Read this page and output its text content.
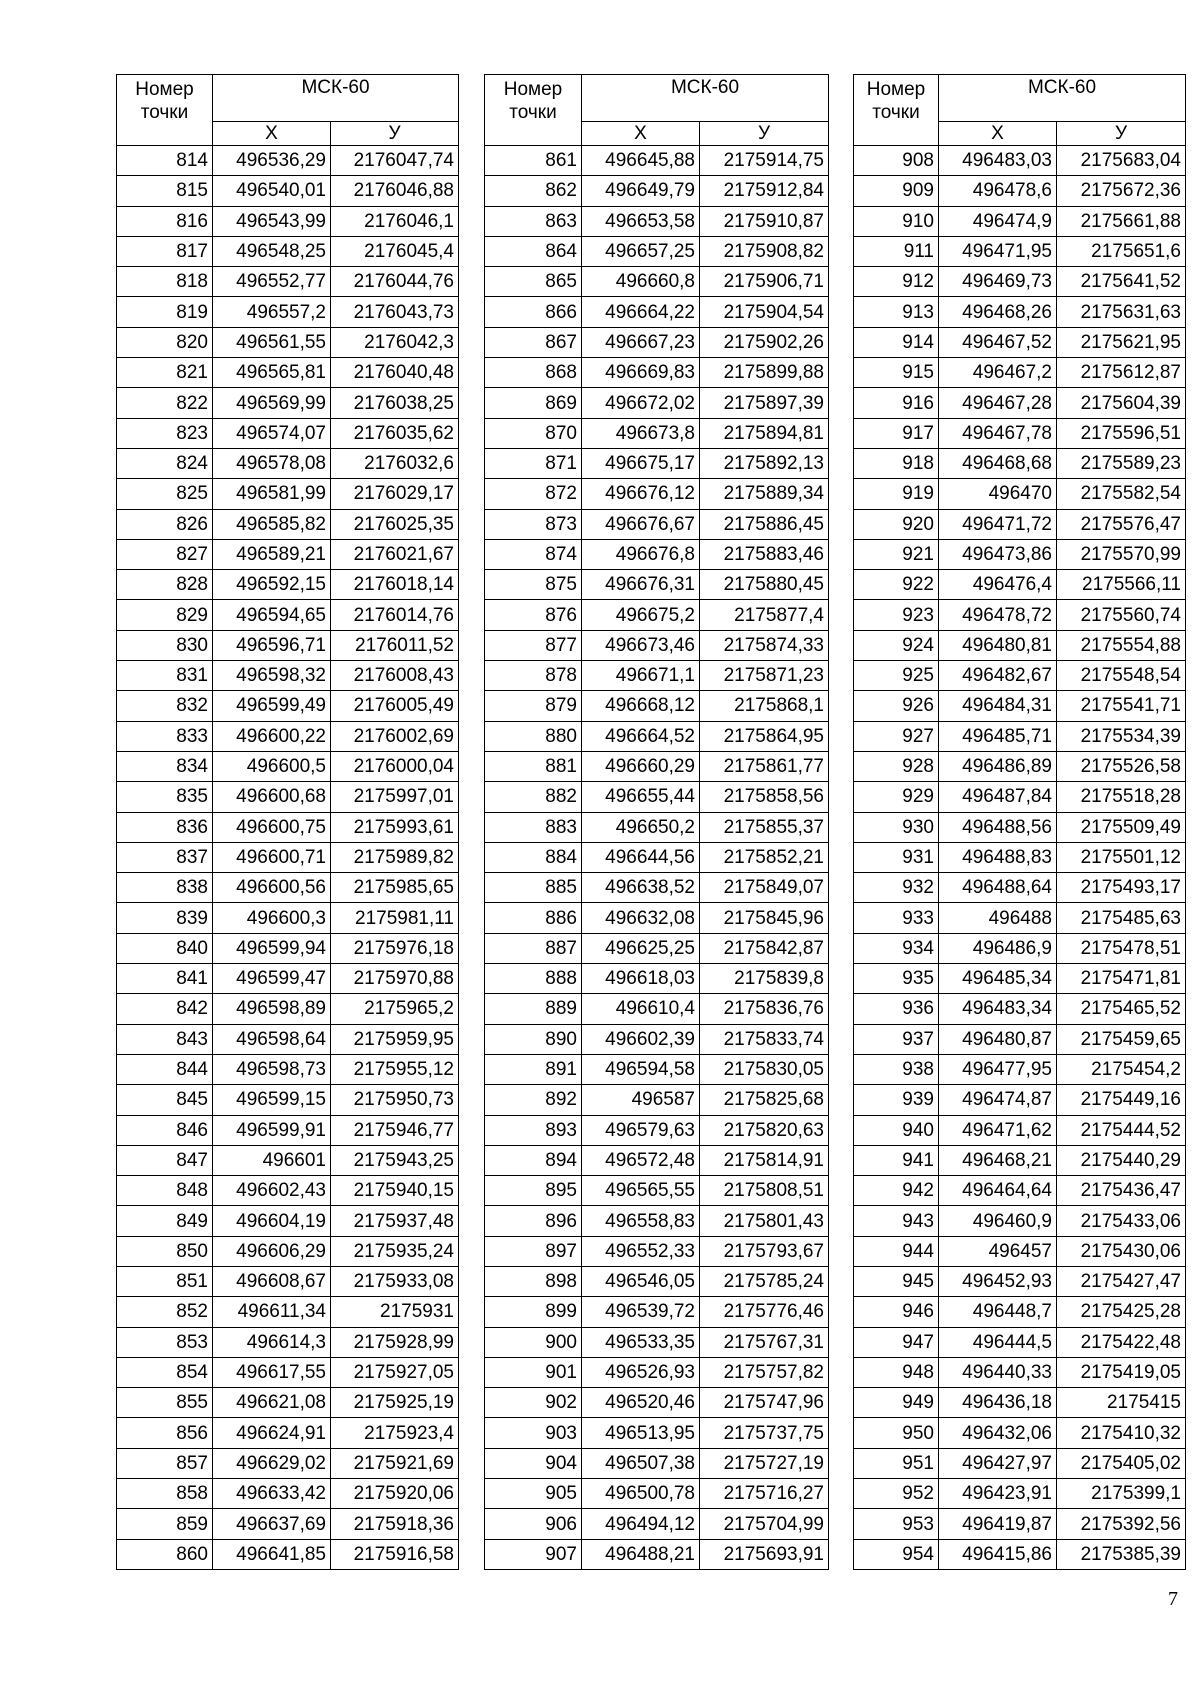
Номер точки	МСК-60	
	X	У
814	496536,29	2176047,74
815	496540,01	2176046,88
816	496543,99	2176046,1
817	496548,25	2176045,4
818	496552,77	2176044,76
819	496557,2	2176043,73
820	496561,55	2176042,3
821	496565,81	2176040,48
822	496569,99	2176038,25
823	496574,07	2176035,62
824	496578,08	2176032,6
825	496581,99	2176029,17
826	496585,82	2176025,35
827	496589,21	2176021,67
828	496592,15	2176018,14
829	496594,65	2176014,76
830	496596,71	2176011,52
831	496598,32	2176008,43
832	496599,49	2176005,49
833	496600,22	2176002,69
834	496600,5	2176000,04
835	496600,68	2175997,01
836	496600,75	2175993,61
837	496600,71	2175989,82
838	496600,56	2175985,65
839	496600,3	2175981,11
840	496599,94	2175976,18
841	496599,47	2175970,88
842	496598,89	2175965,2
843	496598,64	2175959,95
844	496598,73	2175955,12
845	496599,15	2175950,73
846	496599,91	2175946,77
847	496601	2175943,25
848	496602,43	2175940,15
849	496604,19	2175937,48
850	496606,29	2175935,24
851	496608,67	2175933,08
852	496611,34	2175931
853	496614,3	2175928,99
854	496617,55	2175927,05
855	496621,08	2175925,19
856	496624,91	2175923,4
857	496629,02	2175921,69
858	496633,42	2175920,06
859	496637,69	2175918,36
860	496641,85	2175916,58
Номер точки	МСК-60	
	X	У
861	496645,88	2175914,75
862	496649,79	2175912,84
863	496653,58	2175910,87
864	496657,25	2175908,82
865	496660,8	2175906,71
866	496664,22	2175904,54
867	496667,23	2175902,26
868	496669,83	2175899,88
869	496672,02	2175897,39
870	496673,8	2175894,81
871	496675,17	2175892,13
872	496676,12	2175889,34
873	496676,67	2175886,45
874	496676,8	2175883,46
875	496676,31	2175880,45
876	496675,2	2175877,4
877	496673,46	2175874,33
878	496671,1	2175871,23
879	496668,12	2175868,1
880	496664,52	2175864,95
881	496660,29	2175861,77
882	496655,44	2175858,56
883	496650,2	2175855,37
884	496644,56	2175852,21
885	496638,52	2175849,07
886	496632,08	2175845,96
887	496625,25	2175842,87
888	496618,03	2175839,8
889	496610,4	2175836,76
890	496602,39	2175833,74
891	496594,58	2175830,05
892	496587	2175825,68
893	496579,63	2175820,63
894	496572,48	2175814,91
895	496565,55	2175808,51
896	496558,83	2175801,43
897	496552,33	2175793,67
898	496546,05	2175785,24
899	496539,72	2175776,46
900	496533,35	2175767,31
901	496526,93	2175757,82
902	496520,46	2175747,96
903	496513,95	2175737,75
904	496507,38	2175727,19
905	496500,78	2175716,27
906	496494,12	2175704,99
907	496488,21	2175693,91
Номер точки	МСК-60	
	X	У
908	496483,03	2175683,04
909	496478,6	2175672,36
910	496474,9	2175661,88
911	496471,95	2175651,6
912	496469,73	2175641,52
913	496468,26	2175631,63
914	496467,52	2175621,95
915	496467,2	2175612,87
916	496467,28	2175604,39
917	496467,78	2175596,51
918	496468,68	2175589,23
919	496470	2175582,54
920	496471,72	2175576,47
921	496473,86	2175570,99
922	496476,4	2175566,11
923	496478,72	2175560,74
924	496480,81	2175554,88
925	496482,67	2175548,54
926	496484,31	2175541,71
927	496485,71	2175534,39
928	496486,89	2175526,58
929	496487,84	2175518,28
930	496488,56	2175509,49
931	496488,83	2175501,12
932	496488,64	2175493,17
933	496488	2175485,63
934	496486,9	2175478,51
935	496485,34	2175471,81
936	496483,34	2175465,52
937	496480,87	2175459,65
938	496477,95	2175454,2
939	496474,87	2175449,16
940	496471,62	2175444,52
941	496468,21	2175440,29
942	496464,64	2175436,47
943	496460,9	2175433,06
944	496457	2175430,06
945	496452,93	2175427,47
946	496448,7	2175425,28
947	496444,5	2175422,48
948	496440,33	2175419,05
949	496436,18	2175415
950	496432,06	2175410,32
951	496427,97	2175405,02
952	496423,91	2175399,1
953	496419,87	2175392,56
954	496415,86	2175385,39
7
